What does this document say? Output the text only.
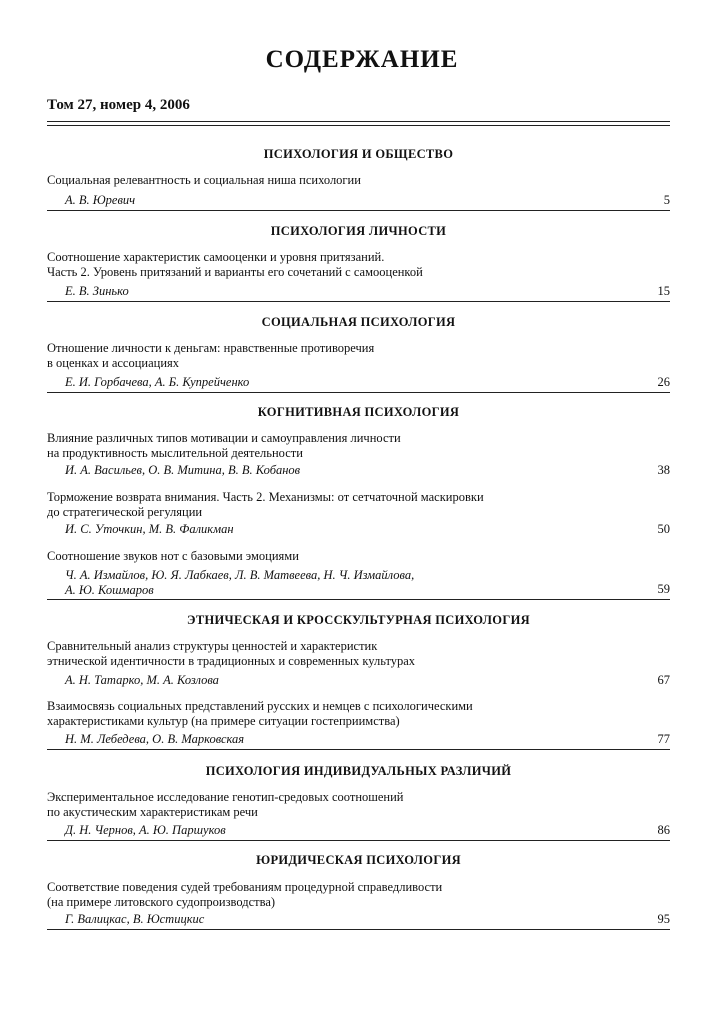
СОДЕРЖАНИЕ
Том 27, номер 4, 2006
ПСИХОЛОГИЯ И ОБЩЕСТВО
Социальная релевантность и социальная ниша психологии
А. В. Юревич	5
ПСИХОЛОГИЯ ЛИЧНОСТИ
Соотношение характеристик самооценки и уровня притязаний.
Часть 2. Уровень притязаний и варианты его сочетаний с самооценкой
Е. В. Зинько	15
СОЦИАЛЬНАЯ ПСИХОЛОГИЯ
Отношение личности к деньгам: нравственные противоречия
в оценках и ассоциациях
Е. И. Горбачева, А. Б. Купрейченко	26
КОГНИТИВНАЯ ПСИХОЛОГИЯ
Влияние различных типов мотивации и самоуправления личности
на продуктивность мыслительной деятельности
И. А. Васильев, О. В. Митина, В. В. Кобанов	38
Торможение возврата внимания. Часть 2. Механизмы: от сетчаточной маскировки
до стратегической регуляции
И. С. Уточкин, М. В. Фаликман	50
Соотношение звуков нот с базовыми эмоциями
Ч. А. Измайлов, Ю. Я. Лабкаев, Л. В. Матвеева, Н. Ч. Измайлова,
А. Ю. Кошмаров	59
ЭТНИЧЕСКАЯ И КРОССКУЛЬТУРНАЯ ПСИХОЛОГИЯ
Сравнительный анализ структуры ценностей и характеристик
этнической идентичности в традиционных и современных культурах
А. Н. Татарко, М. А. Козлова	67
Взаимосвязь социальных представлений русских и немцев с психологическими
характеристиками культур (на примере ситуации гостеприимства)
Н. М. Лебедева, О. В. Марковская	77
ПСИХОЛОГИЯ ИНДИВИДУАЛЬНЫХ РАЗЛИЧИЙ
Экспериментальное исследование генотип-средовых соотношений
по акустическим характеристикам речи
Д. Н. Чернов, А. Ю. Паршуков	86
ЮРИДИЧЕСКАЯ ПСИХОЛОГИЯ
Соответствие поведения судей требованиям процедурной справедливости
(на примере литовского судопроизводства)
Г. Валицкас, В. Юстицкис	95
